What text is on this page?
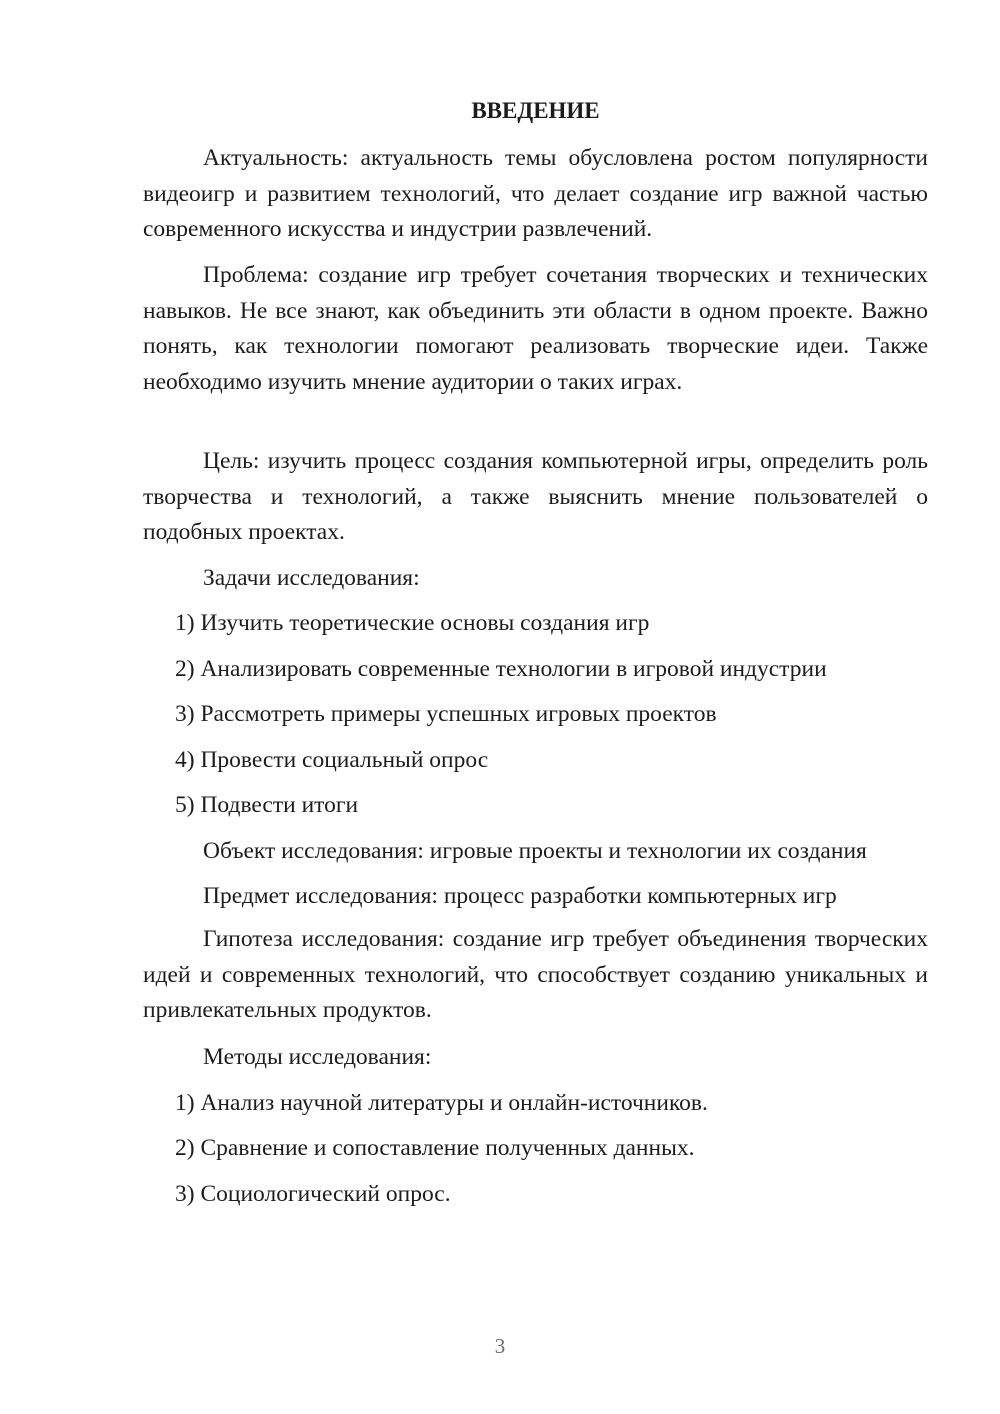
ВВЕДЕНИЕ

Актуальность: актуальность темы обусловлена ростом популярности видеоигр и развитием технологий, что делает создание игр важной частью современного искусства и индустрии развлечений.

Проблема: создание игр требует сочетания творческих и технических навыков. Не все знают, как объединить эти области в одном проекте. Важно понять, как технологии помогают реализовать творческие идеи. Также необходимо изучить мнение аудитории о таких играх.

Цель: изучить процесс создания компьютерной игры, определить роль творчества и технологий, а также выяснить мнение пользователей о подобных проектах.

Задачи исследования:

1) Изучить теоретические основы создания игр

2) Анализировать современные технологии в игровой индустрии

3) Рассмотреть примеры успешных игровых проектов

4) Провести социальный опрос

5) Подвести итоги

Объект исследования: игровые проекты и технологии их создания

Предмет исследования: процесс разработки компьютерных игр

Гипотеза исследования: создание игр требует объединения творческих идей и современных технологий, что способствует созданию уникальных и привлекательных продуктов.

Методы исследования:

1) Анализ научной литературы и онлайн-источников.

2) Сравнение и сопоставление полученных данных.

3) Социологический опрос.

3
